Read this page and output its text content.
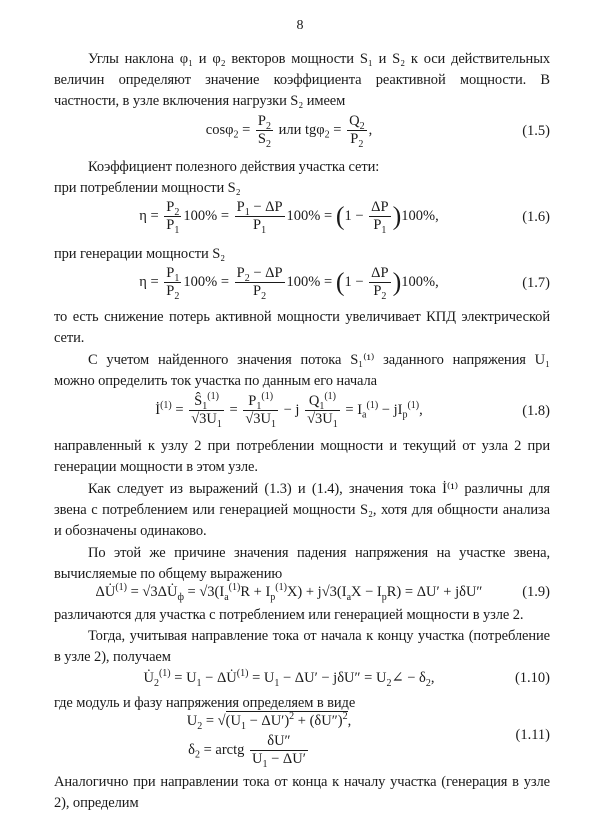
8
Углы наклона φ₁ и φ₂ векторов мощности S₁ и S₂ к оси действительных величин определяют значение коэффициента реактивной мощности. В частности, в узле включения нагрузки S₂ имеем
$\cos\varphi_2 = \frac{P_2}{S_2}$ или $tg\varphi_2 = \frac{Q_2}{P_2}$ ,	(1.5)
Коэффициент полезного действия участка сети:
при потреблении мощности S₂
$\eta = \frac{P_2}{P_1} 100\% = \frac{P_1 - \Delta P}{P_1} 100\% = (1 - \frac{\Delta P}{P_1} )100\%$,	(1.6)
при генерации мощности S₂
$\eta = \frac{P_1}{P_2} 100\% = \frac{P_2 - \Delta P}{P_2} 100\% = (1 - \frac{\Delta P}{P_2} )100\%$,	(1.7)
то есть снижение потерь активной мощности увеличивает КПД электрической сети.
С учетом найденного значения потока S₁⁽¹⁾ заданного напряжения U₁ можно определить ток участка по данным его начала
$İ^{(1)} = \frac{Ŝ_1^{(1)}}{√3U_1} = \frac{P_1^{(1)}}{√3U_1} - j \frac{Q_1^{(1)}}{√3U_1} = I_a^{(1)} - jI_p^{(1)}$,	(1.8)
направленный к узлу 2 при потреблении мощности и текущий от узла 2 при генерации мощности в этом узле.
Как следует из выражений (1.3) и (1.4), значения тока İ⁽¹⁾ различны для звена с потреблением или генерацией мощности S₂, хотя для общности анализа и обозначены одинаково.
По этой же причине значения падения напряжения на участке звена, вычисляемые по общему выражению
ΔU̇$^{(1)}$ = $√3\Delta U̇_ф = √3(I_a^{(1)}R + I_p^{(1)}X) + j√3(I_aX - I_pR) = \Delta U' + j\delta U''$	(1.9)
различаются для участка с потреблением или генерацией мощности в узле 2.
Тогда, учитывая направление тока от начала к концу участка (потребление в узле 2), получаем
$U̇_2^{(1)} = U_1$ − ΔU̇$^{(1)}$ = $U_1 - \Delta U' - j\delta U''$ = $U_2\angle - \delta_2$,	(1.10)
где модуль и фазу напряжения определяем в виде
$U_2 = √(U_1 - \Delta U')^2 + (\delta U'')^2$,
$\delta_2$ = arctg $\frac{\delta U''}{U_1 - \Delta U'}$	(1.11)
Аналогично при направлении тока от конца к началу участка (генерация в узле 2), определим
